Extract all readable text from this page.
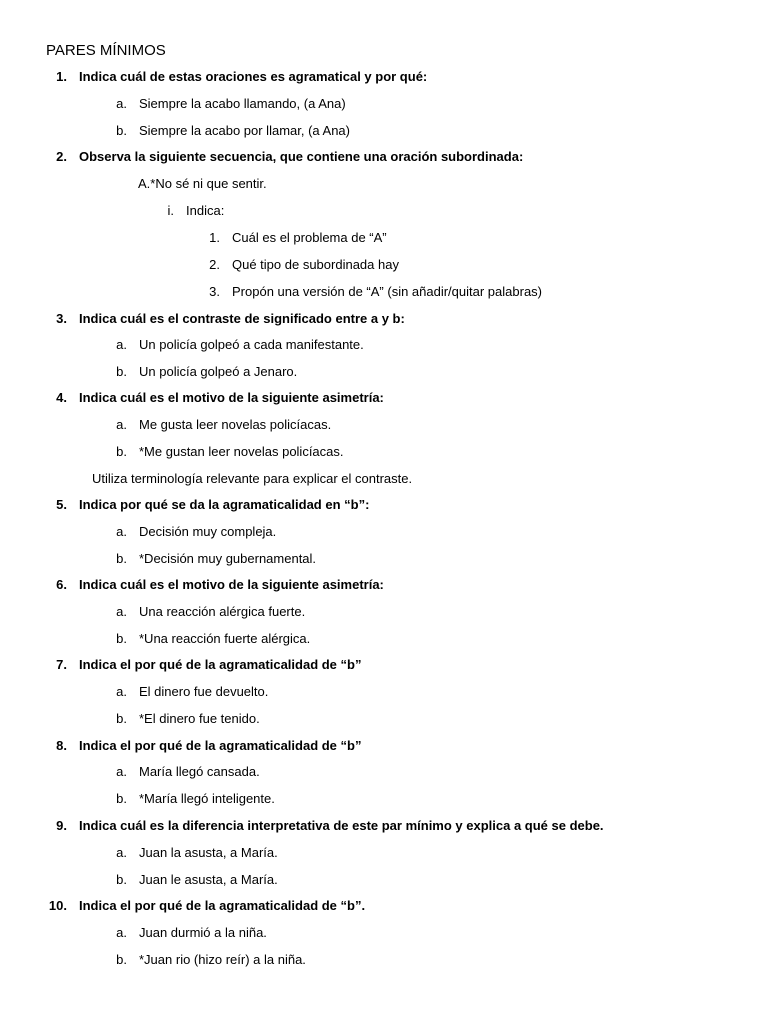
PARES MÍNIMOS
1. Indica cuál de estas oraciones es agramatical y por qué:
a. Siempre la acabo llamando, (a Ana)
b. Siempre la acabo por llamar, (a Ana)
2. Observa la siguiente secuencia, que contiene una oración subordinada:
A.*No sé ni que sentir.
i. Indica:
1. Cuál es el problema de “A”
2. Qué tipo de subordinada hay
3. Propón una versión de “A” (sin añadir/quitar palabras)
3. Indica cuál es el contraste de significado entre a y b:
a. Un policía golpeó a cada manifestante.
b. Un policía golpeó a Jenaro.
4. Indica cuál es el motivo de la siguiente asimetría:
a. Me gusta leer novelas policíacas.
b. *Me gustan leer novelas policíacas.
Utiliza terminología relevante para explicar el contraste.
5. Indica por qué se da la agramaticalidad en “b”:
a. Decisión muy compleja.
b. *Decisión muy gubernamental.
6. Indica cuál es el motivo de la siguiente asimetría:
a. Una reacción alérgica fuerte.
b. *Una reacción fuerte alérgica.
7. Indica el por qué de la agramaticalidad de “b”
a. El dinero fue devuelto.
b. *El dinero fue tenido.
8. Indica el por qué de la agramaticalidad de “b”
a. María llegó cansada.
b. *María llegó inteligente.
9. Indica cuál es la diferencia interpretativa de este par mínimo y explica a qué se debe.
a. Juan la asusta, a María.
b. Juan le asusta, a María.
10. Indica el por qué de la agramaticalidad de “b”.
a. Juan durmió a la niña.
b. *Juan rio (hizo reír) a la niña.
